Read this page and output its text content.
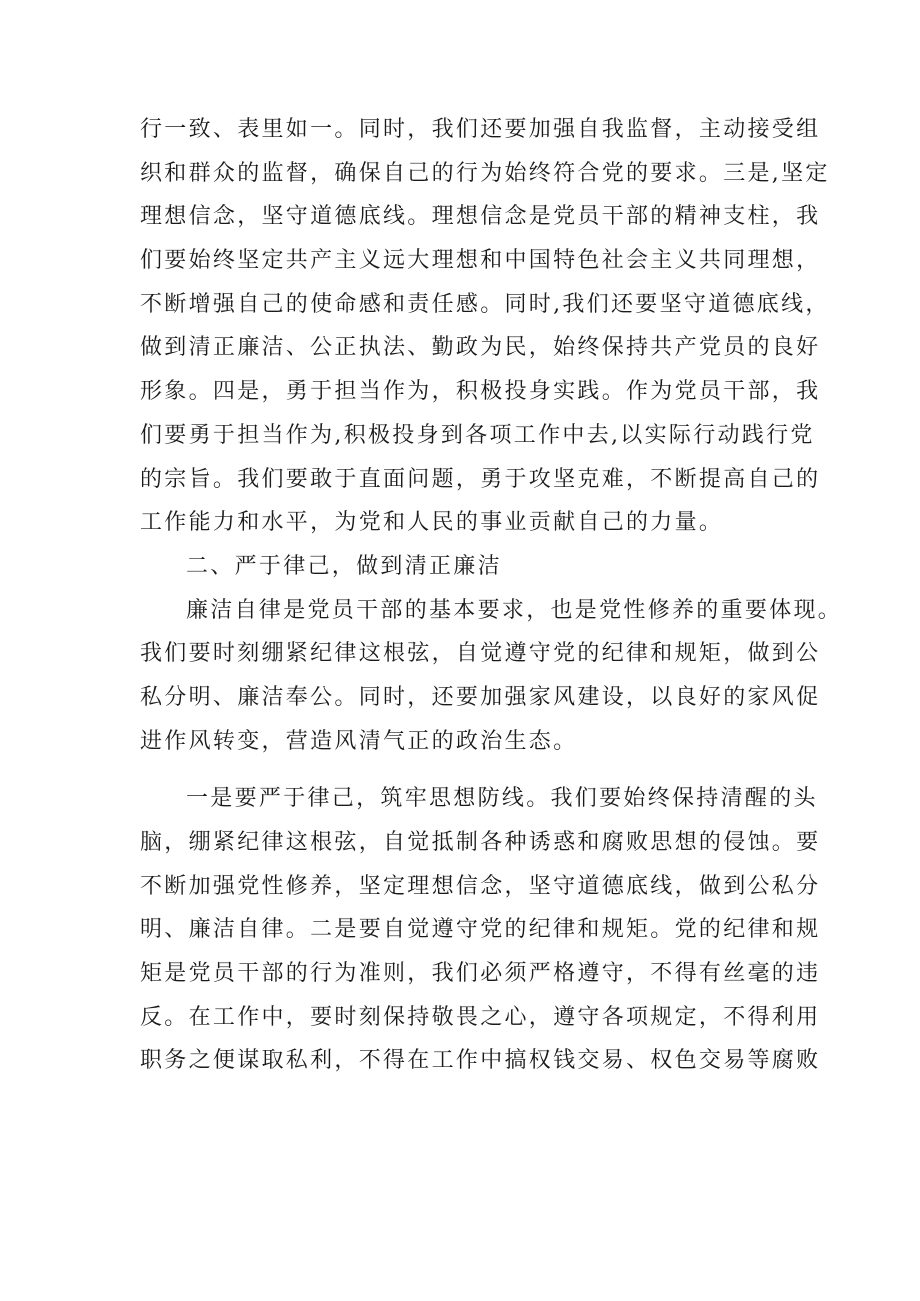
行一致、表里如一。同时，我们还要加强自我监督，主动接受组
织和群众的监督，确保自己的行为始终符合党的要求。三是,坚定
理想信念，坚守道德底线。理想信念是党员干部的精神支柱，我
们要始终坚定共产主义远大理想和中国特色社会主义共同理想，
不断增强自己的使命感和责任感。同时,我们还要坚守道德底线，
做到清正廉洁、公正执法、勤政为民，始终保持共产党员的良好
形象。四是，勇于担当作为，积极投身实践。作为党员干部，我
们要勇于担当作为,积极投身到各项工作中去,以实际行动践行党
的宗旨。我们要敢于直面问题，勇于攻坚克难，不断提高自己的
工作能力和水平，为党和人民的事业贡献自己的力量。
二、严于律己，做到清正廉洁
廉洁自律是党员干部的基本要求，也是党性修养的重要体现。
我们要时刻绷紧纪律这根弦，自觉遵守党的纪律和规矩，做到公
私分明、廉洁奉公。同时，还要加强家风建设，以良好的家风促
进作风转变，营造风清气正的政治生态。
一是要严于律己，筑牢思想防线。我们要始终保持清醒的头
脑，绷紧纪律这根弦，自觉抵制各种诱惑和腐败思想的侵蚀。要
不断加强党性修养，坚定理想信念，坚守道德底线，做到公私分
明、廉洁自律。二是要自觉遵守党的纪律和规矩。党的纪律和规
矩是党员干部的行为准则，我们必须严格遵守，不得有丝毫的违
反。在工作中，要时刻保持敬畏之心，遵守各项规定，不得利用
职务之便谋取私利，不得在工作中搞权钱交易、权色交易等腐败
